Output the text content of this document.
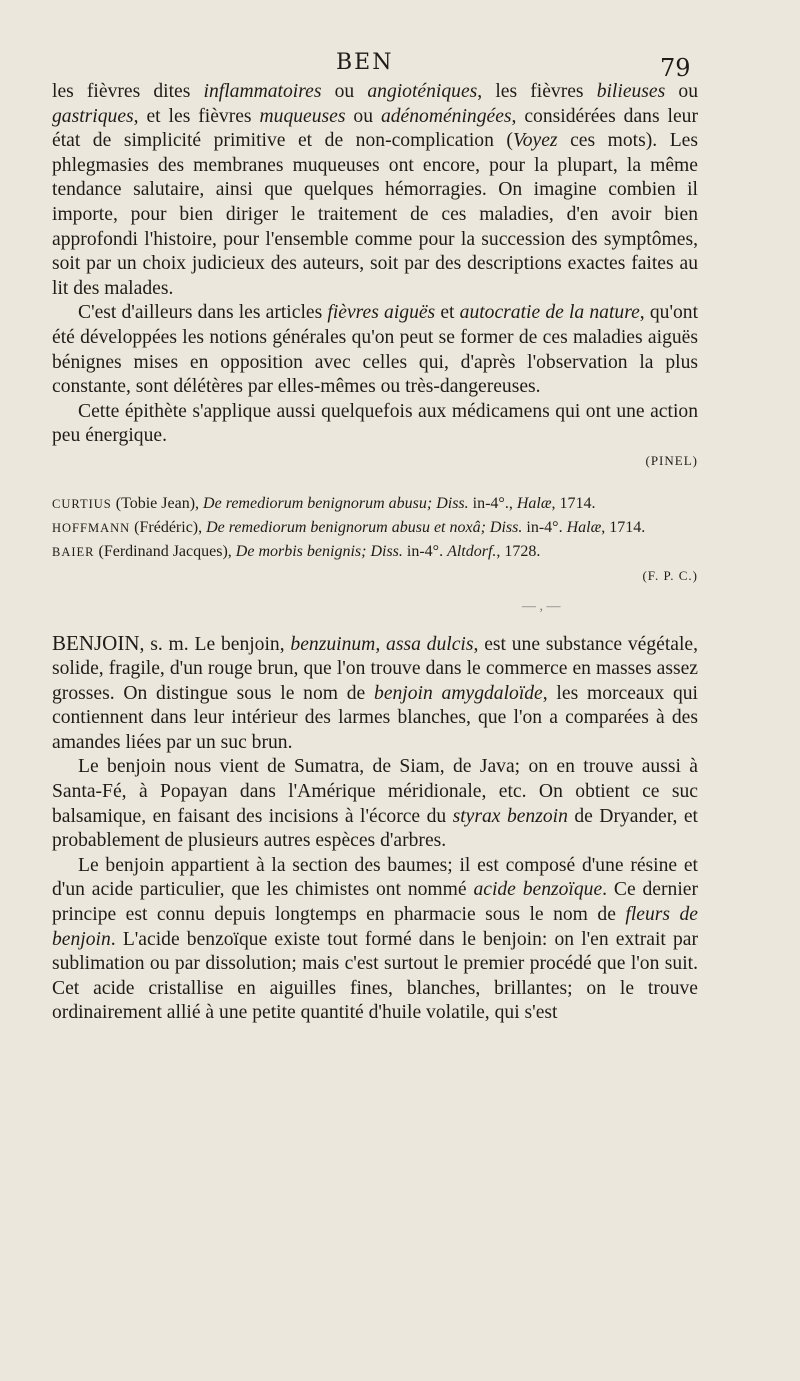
BEN	79

les fièvres dites inflammatoires ou angioténiques, les fièvres bilieuses ou gastriques, et les fièvres muqueuses ou adénoméningées, considérées dans leur état de simplicité primitive et de non-complication (Voyez ces mots). Les phlegmasies des membranes muqueuses ont encore, pour la plupart, la même tendance salutaire, ainsi que quelques hémorragies. On imagine combien il importe, pour bien diriger le traitement de ces maladies, d'en avoir bien approfondi l'histoire, pour l'ensemble comme pour la succession des symptômes, soit par un choix judicieux des auteurs, soit par des descriptions exactes faites au lit des malades.

C'est d'ailleurs dans les articles fièvres aiguës et autocratie de la nature, qu'ont été développées les notions générales qu'on peut se former de ces maladies aiguës bénignes mises en opposition avec celles qui, d'après l'observation la plus constante, sont délétères par elles-mêmes ou très-dangereuses.

Cette épithète s'applique aussi quelquefois aux médicamens qui ont une action peu énergique.

(PINEL)

CURTIUS (Tobie Jean), De remediorum benignorum abusu; Diss. in-4°., Halæ, 1714.

HOFFMANN (Frédéric), De remediorum benignorum abusu et noxâ; Diss. in-4°. Halæ, 1714.

BAIER (Ferdinand Jacques), De morbis benignis; Diss. in-4°. Altdorf., 1728.

(F. P. C.)

— , —

BENJOIN, s. m. Le benjoin, benzuinum, assa dulcis, est une substance végétale, solide, fragile, d'un rouge brun, que l'on trouve dans le commerce en masses assez grosses. On distingue sous le nom de benjoin amygdaloïde, les morceaux qui contiennent dans leur intérieur des larmes blanches, que l'on a comparées à des amandes liées par un suc brun.

Le benjoin nous vient de Sumatra, de Siam, de Java; on en trouve aussi à Santa-Fé, à Popayan dans l'Amérique méridionale, etc. On obtient ce suc balsamique, en faisant des incisions à l'écorce du styrax benzoin de Dryander, et probablement de plusieurs autres espèces d'arbres.

Le benjoin appartient à la section des baumes; il est composé d'une résine et d'un acide particulier, que les chimistes ont nommé acide benzoïque. Ce dernier principe est connu depuis longtemps en pharmacie sous le nom de fleurs de benjoin. L'acide benzoïque existe tout formé dans le benjoin: on l'en extrait par sublimation ou par dissolution; mais c'est surtout le premier procédé que l'on suit. Cet acide cristallise en aiguilles fines, blanches, brillantes; on le trouve ordinairement allié à une petite quantité d'huile volatile, qui s'est
